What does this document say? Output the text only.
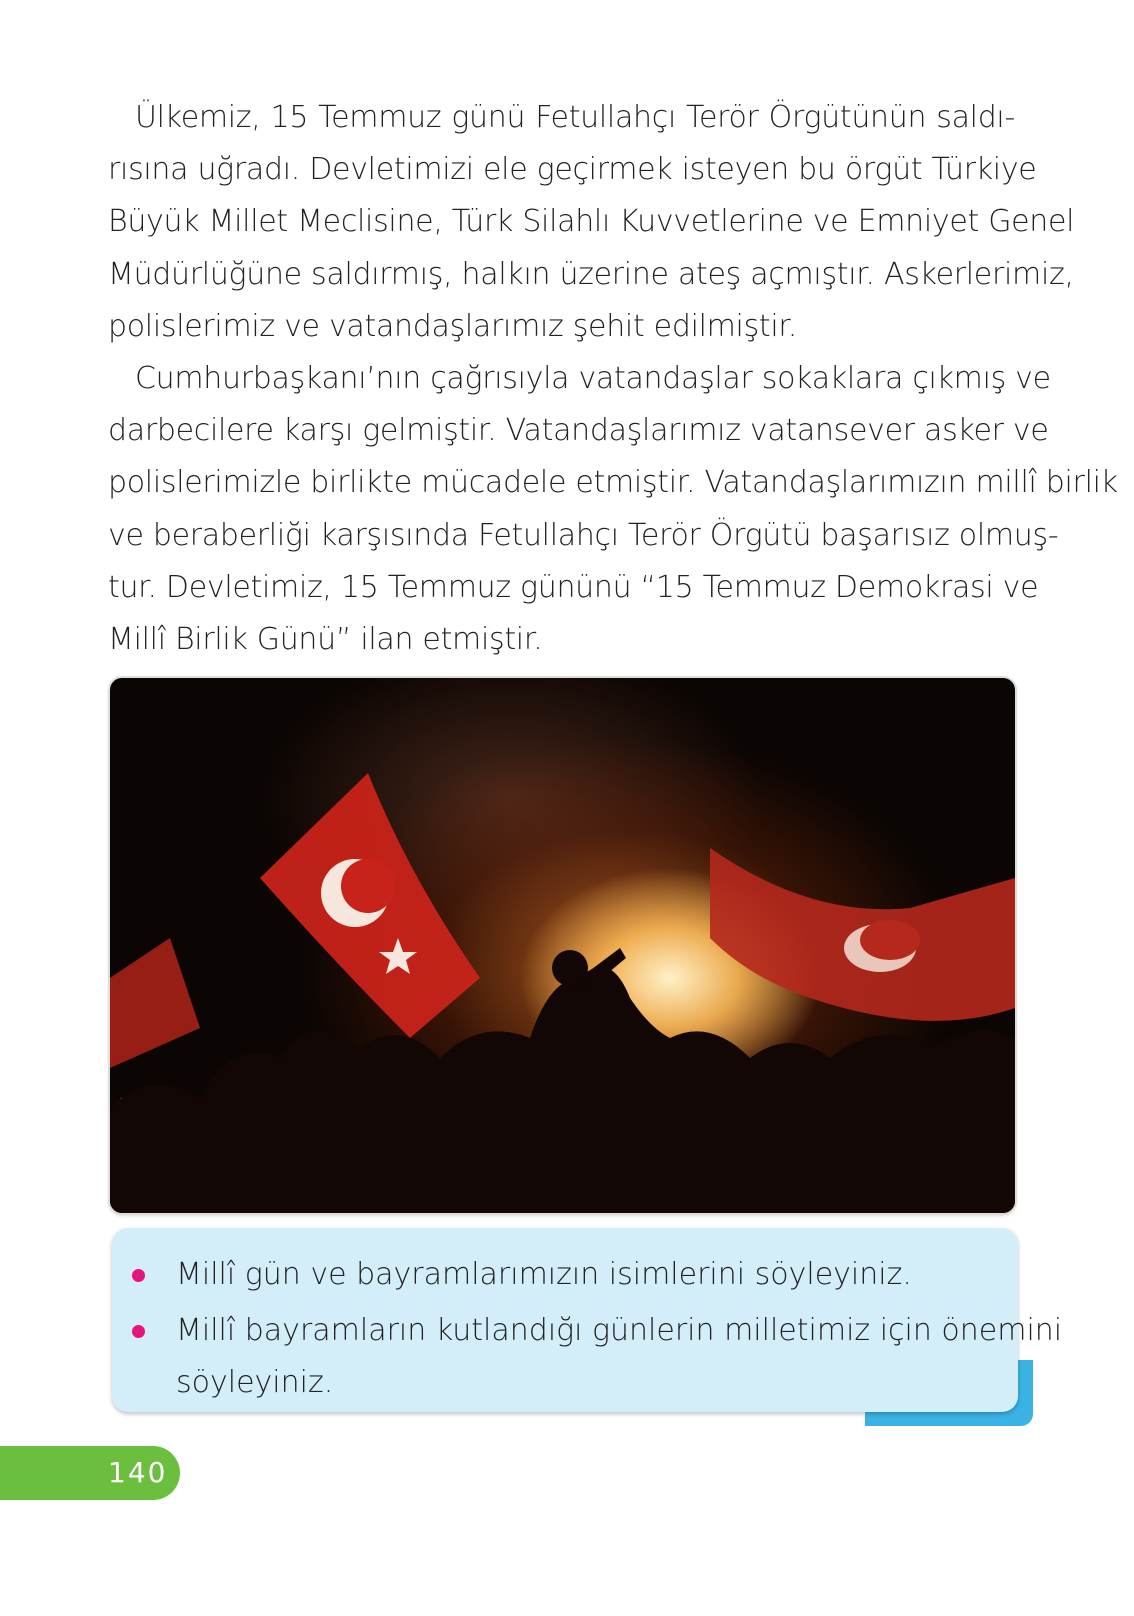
Ülkemiz, 15 Temmuz günü Fetullahçı Terör Örgütünün saldı-
rısına uğradı. Devletimizi ele geçirmek isteyen bu örgüt Türkiye
Büyük Millet Meclisine, Türk Silahlı Kuvvetlerine ve Emniyet Genel
Müdürlüğüne saldırmış, halkın üzerine ateş açmıştır. Askerlerimiz,
polislerimiz ve vatandaşlarımız şehit edilmiştir.
Cumhurbaşkanı’nın çağrısıyla vatandaşlar sokaklara çıkmış ve
darbecilere karşı gelmiştir. Vatandaşlarımız vatansever asker ve
polislerimizle birlikte mücadele etmiştir. Vatandaşlarımızın millî birlik
ve beraberliği karşısında Fetullahçı Terör Örgütü başarısız olmuş-
tur. Devletimiz, 15 Temmuz gününü “15 Temmuz Demokrasi ve
Millî Birlik Günü” ilan etmiştir.
Millî gün ve bayramlarımızın isimlerini söyleyiniz.
Millî bayramların kutlandığı günlerin milletimiz için önemini
söyleyiniz.
140
